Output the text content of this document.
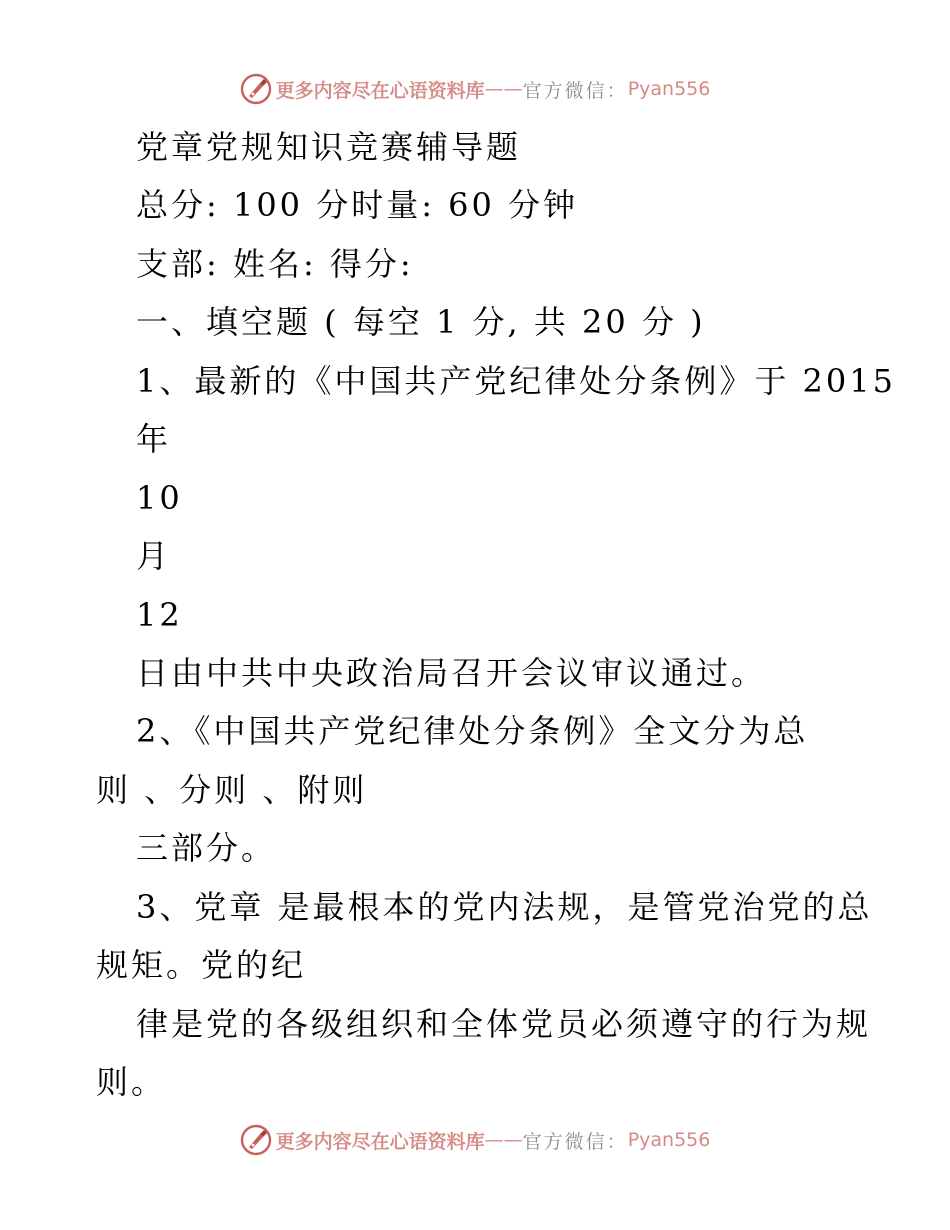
更多内容尽在心语资料库 —— 官方微信： Pyan556
党章党规知识竞赛辅导题
总分: 100 分时量: 60 分钟
支部: 姓名: 得分:
一、填空题 ( 每空 1 分, 共 20 分 )
1、最新的《中国共产党纪律处分条例》于 2015
年
10
月
12
日由中共中央政治局召开会议审议通过。
2、《中国共产党纪律处分条例》全文分为总
则 、分则 、附则
三部分。
3、党章 是最根本的党内法规，是管党治党的总
规矩。党的纪
律是党的各级组织和全体党员必须遵守的行为规
则。
更多内容尽在心语资料库 —— 官方微信： Pyan556
